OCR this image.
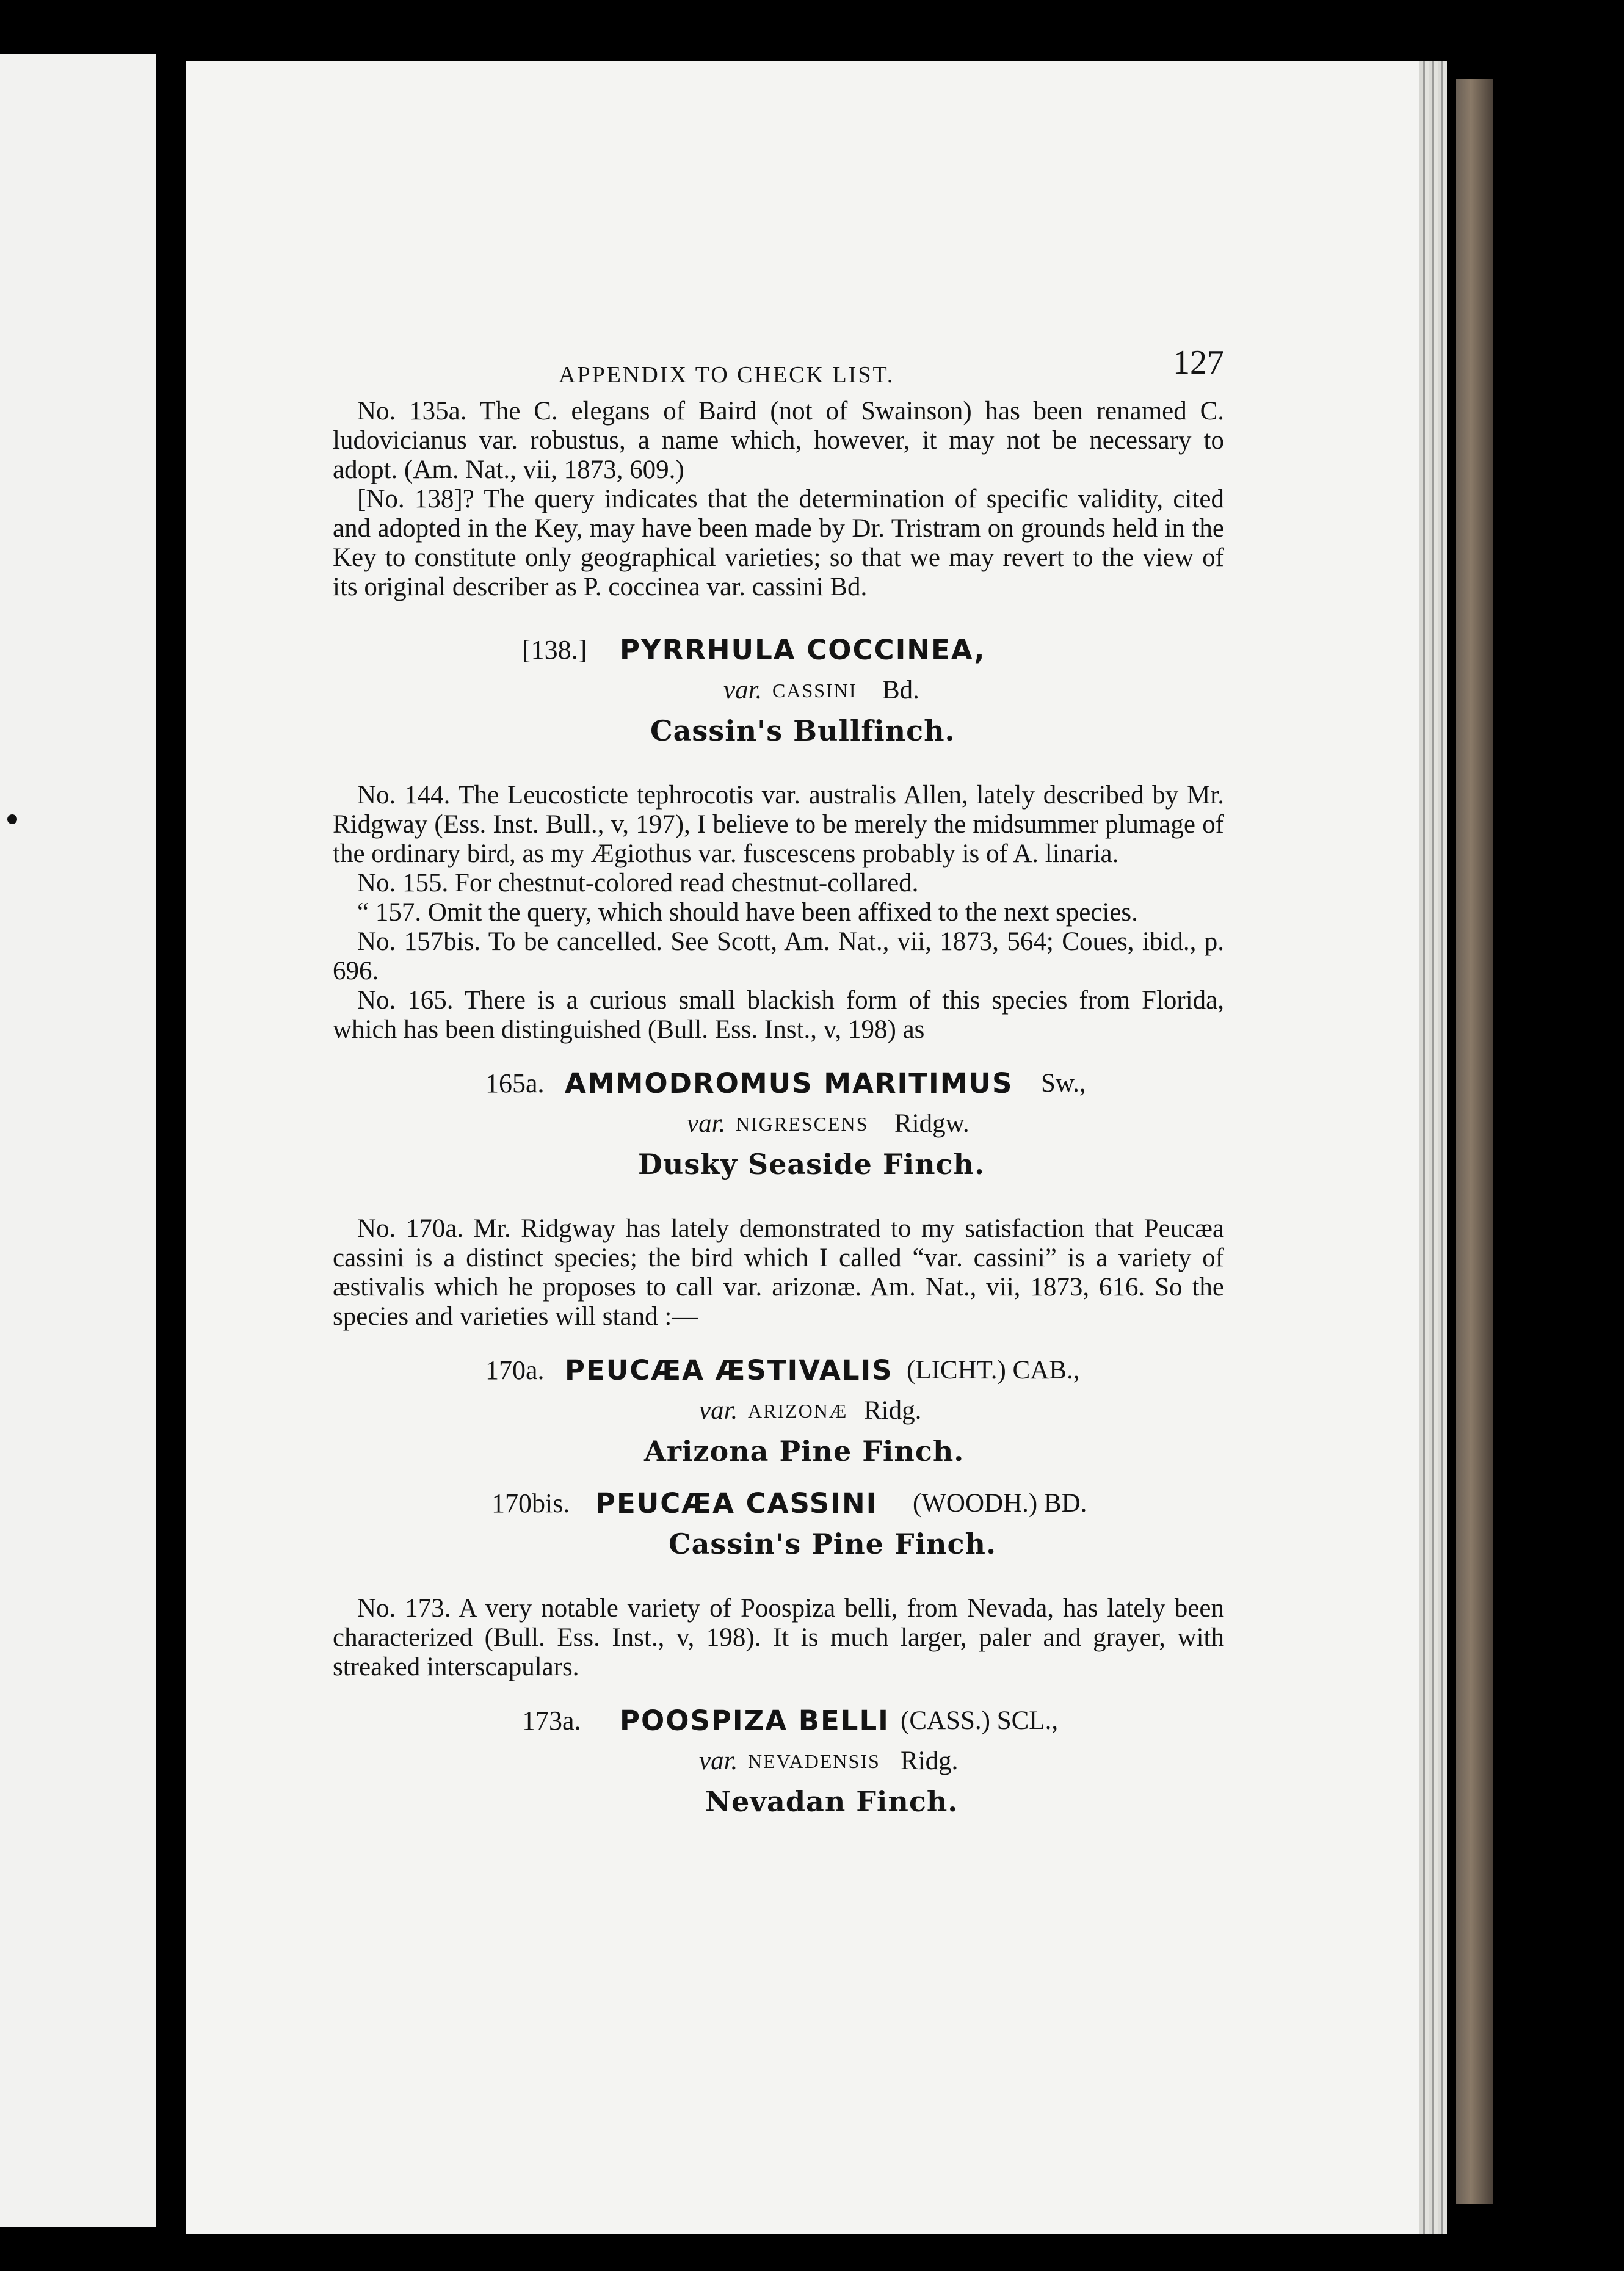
APPENDIX TO CHECK LIST.	127

No. 135a. The C. elegans of Baird (not of Swainson) has been renamed C. ludovicianus var. robustus, a name which, however, it may not be necessary to adopt. (Am. Nat., vii, 1873, 609.)

[No. 138]? The query indicates that the determination of specific validity, cited and adopted in the Key, may have been made by Dr. Tristram on grounds held in the Key to constitute only geographical varieties; so that we may revert to the view of its original describer as P. coccinea var. cassini Bd.

[138.] PYRRHULA COCCINEA,
var. CASSINI Bd.
Cassin's Bullfinch.

No. 144. The Leucosticte tephrocotis var. australis Allen, lately described by Mr. Ridgway (Ess. Inst. Bull., v, 197), I believe to be merely the midsummer plumage of the ordinary bird, as my Ægiothus var. fuscescens probably is of A. linaria.

No. 155. For chestnut-colored read chestnut-collared.

“ 157. Omit the query, which should have been affixed to the next species.

No. 157bis. To be cancelled. See Scott, Am. Nat., vii, 1873, 564; Coues, ibid., p. 696.

No. 165. There is a curious small blackish form of this species from Florida, which has been distinguished (Bull. Ess. Inst., v, 198) as

165a. AMMODROMUS MARITIMUS Sw.,
var. NIGRESCENS Ridgw.
Dusky Seaside Finch.

No. 170a. Mr. Ridgway has lately demonstrated to my satisfaction that Peucæa cassini is a distinct species; the bird which I called “var. cassini” is a variety of æstivalis which he proposes to call var. arizonæ. Am. Nat., vii, 1873, 616. So the species and varieties will stand :—

170a. PEUCÆA ÆSTIVALIS (LICHT.) CAB.,
var. ARIZONÆ Ridg.
Arizona Pine Finch.
170bis. PEUCÆA CASSINI (WOODH.) BD.
Cassin's Pine Finch.

No. 173. A very notable variety of Poospiza belli, from Nevada, has lately been characterized (Bull. Ess. Inst., v, 198). It is much larger, paler and grayer, with streaked interscapulars.

173a. POOSPIZA BELLI (CASS.) SCL.,
var. NEVADENSIS Ridg.
Nevadan Finch.
